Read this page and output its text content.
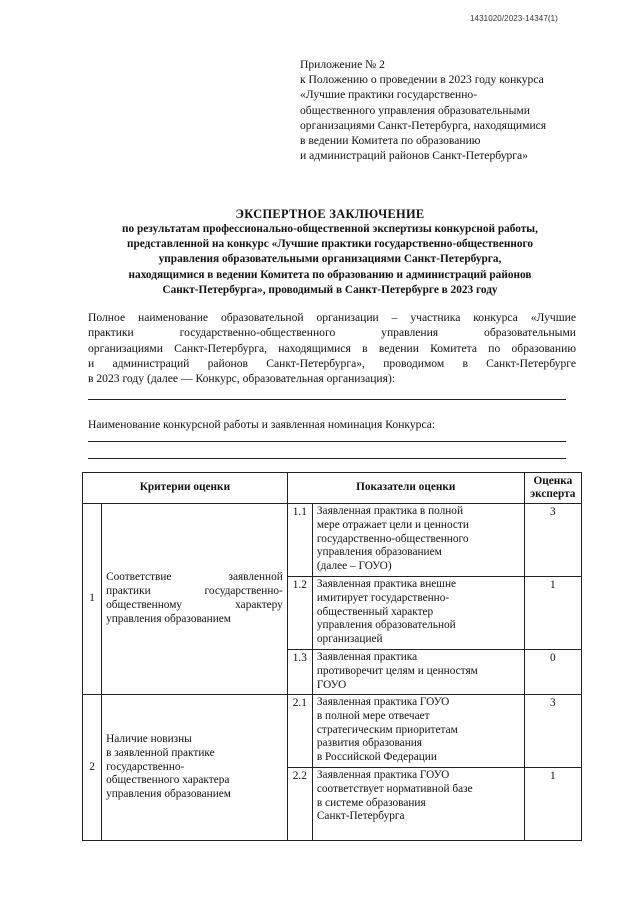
1431020/2023-14347(1)
Приложение № 2
к Положению о проведении в 2023 году конкурса
«Лучшие практики государственно-
общественного управления образовательными
организациями Санкт-Петербурга, находящимися
в ведении Комитета по образованию
и администраций районов Санкт-Петербурга»
ЭКСПЕРТНОЕ ЗАКЛЮЧЕНИЕ
по результатам профессионально-общественной экспертизы конкурсной работы,
представленной на конкурс «Лучшие практики государственно-общественного
управления образовательными организациями Санкт-Петербурга,
находящимися в ведении Комитета по образованию и администраций районов
Санкт-Петербурга», проводимый в Санкт-Петербурге в 2023 году
Полное наименование образовательной организации – участника конкурса «Лучшие
практики государственно-общественного управления образовательными
организациями Санкт-Петербурга, находящимися в ведении Комитета по образованию
и администраций районов Санкт-Петербурга», проводимом в Санкт-Петербурге
в 2023 году (далее — Конкурс, образовательная организация):
Наименование конкурсной работы и заявленная номинация Конкурса:
Критерии оценки		Показатели оценки		Оценка
эксперта

1	Соответствие заявленной
практики государственно-
общественному характеру
управления образованием	1.1	Заявленная практика в полной
мере отражает цели и ценности
государственно-общественного
управления образованием
(далее – ГОУО)	3
		1.2	Заявленная практика внешне
имитирует государственно-
общественный характер
управления образовательной
организацией	1
		1.3	Заявленная практика
противоречит целям и ценностям
ГОУО	0
2	Наличие новизны
в заявленной практике
государственно-
общественного характера
управления образованием	2.1	Заявленная практика ГОУО
в полной мере отвечает
стратегическим приоритетам
развития образования
в Российской Федерации	3
		2.2	Заявленная практика ГОУО
соответствует нормативной базе
в системе образования
Санкт-Петербурга	1
